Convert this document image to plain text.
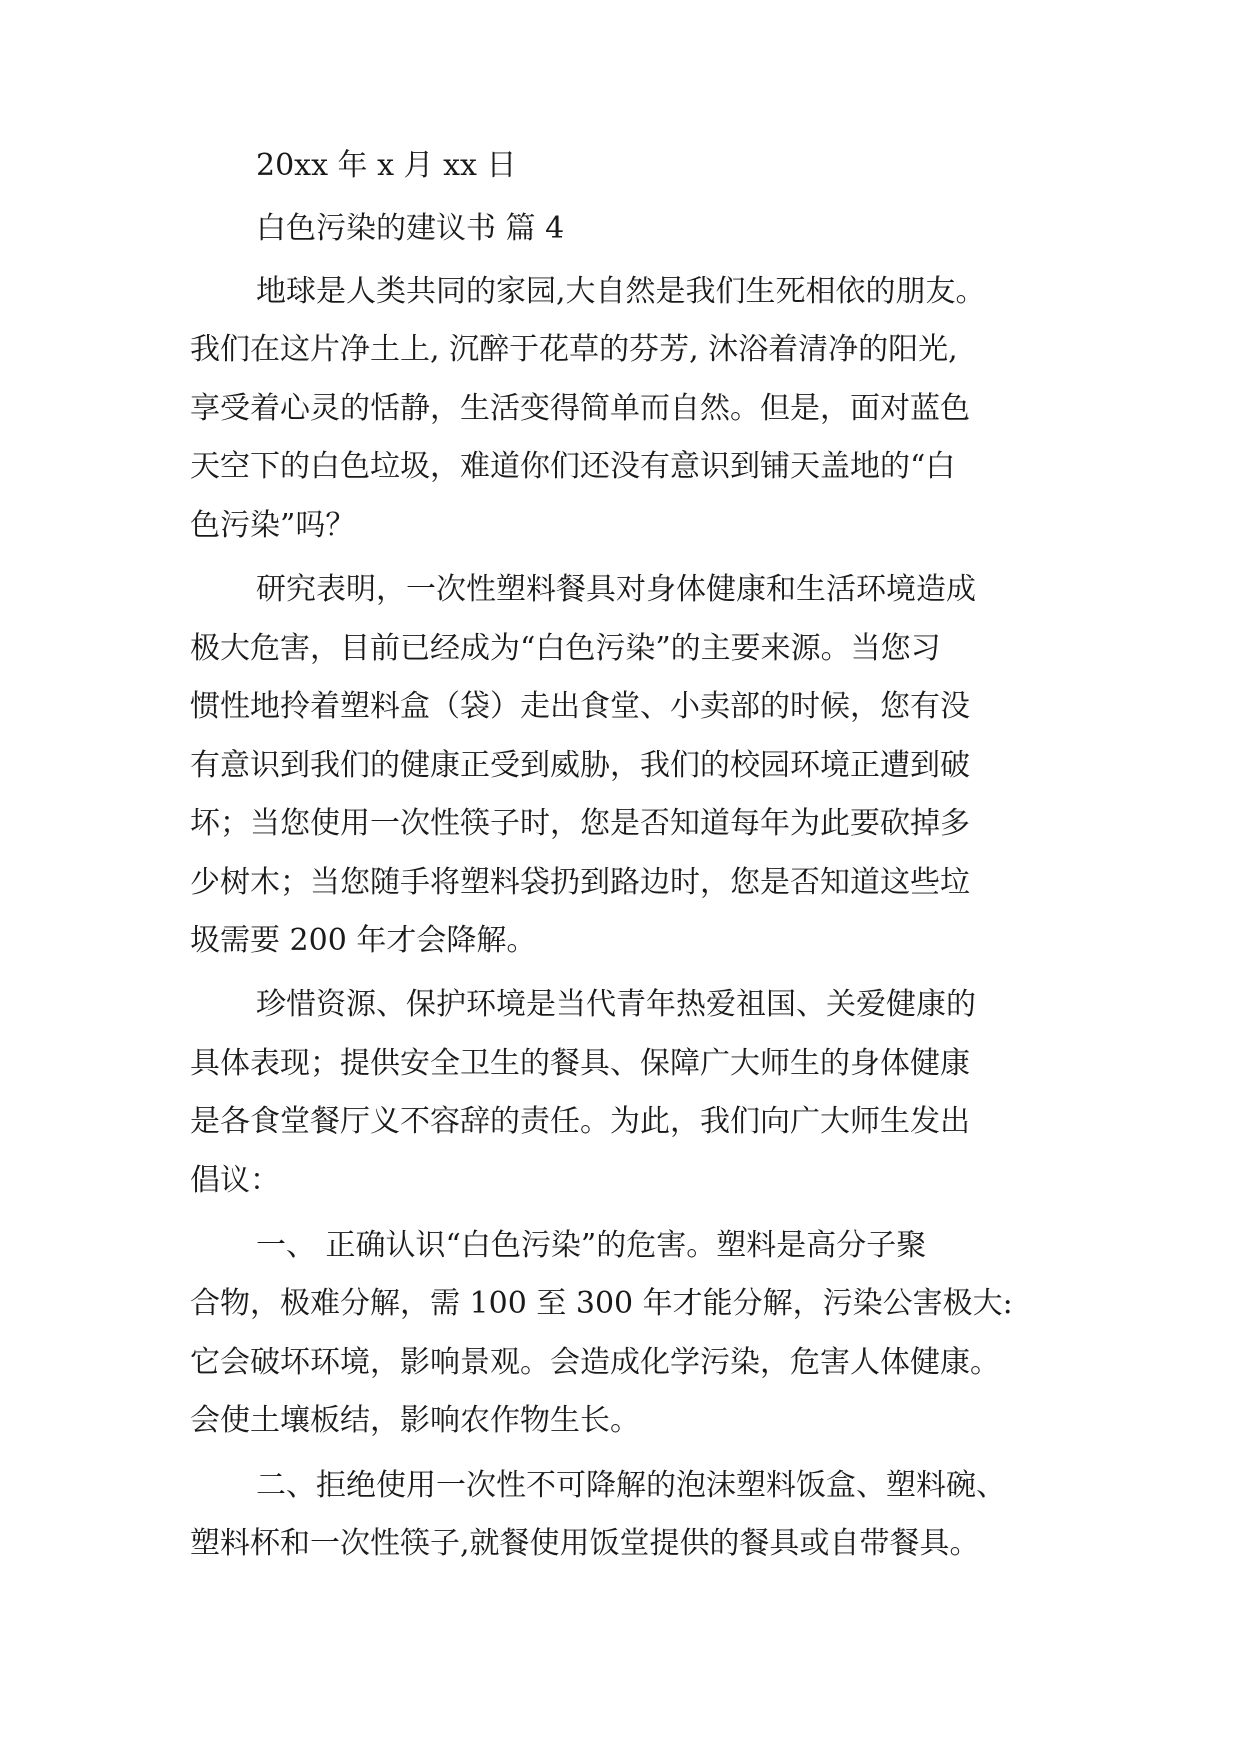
20xx 年 x 月 xx 日

白色污染的建议书 篇 4

地球是人类共同的家园,大自然是我们生死相依的朋友。

我们在这片净土上, 沉醉于花草的芬芳, 沐浴着清净的阳光,

享受着心灵的恬静，生活变得简单而自然。但是，面对蓝色

天空下的白色垃圾，难道你们还没有意识到铺天盖地的“白

色污染”吗？

研究表明，一次性塑料餐具对身体健康和生活环境造成

极大危害，目前已经成为“白色污染”的主要来源。当您习

惯性地拎着塑料盒（袋）走出食堂、小卖部的时候，您有没

有意识到我们的健康正受到威胁，我们的校园环境正遭到破

坏；当您使用一次性筷子时，您是否知道每年为此要砍掉多

少树木；当您随手将塑料袋扔到路边时，您是否知道这些垃

圾需要 200 年才会降解。

珍惜资源、保护环境是当代青年热爱祖国、关爱健康的

具体表现；提供安全卫生的餐具、保障广大师生的身体健康

是各食堂餐厅义不容辞的责任。为此，我们向广大师生发出

倡议：

一、 正确认识“白色污染”的危害。塑料是高分子聚

合物，极难分解，需 100 至 300 年才能分解，污染公害极大:

它会破坏环境，影响景观。会造成化学污染，危害人体健康。

会使土壤板结，影响农作物生长。

二、拒绝使用一次性不可降解的泡沫塑料饭盒、塑料碗、

塑料杯和一次性筷子,就餐使用饭堂提供的餐具或自带餐具。
